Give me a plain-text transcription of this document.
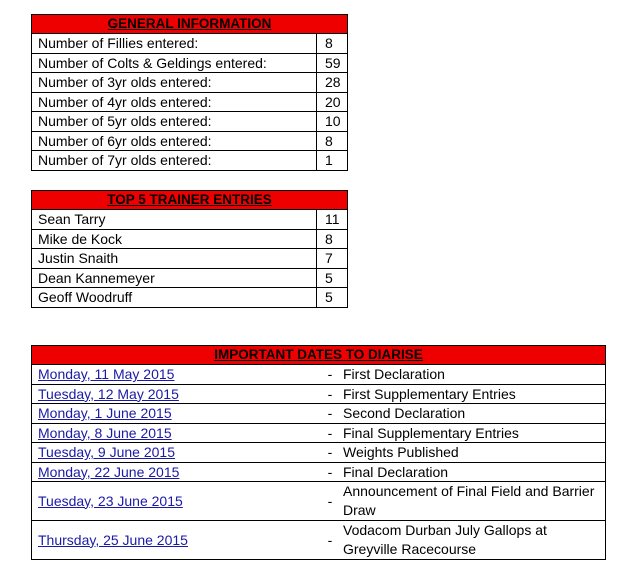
GENERAL INFORMATION	
Number of Fillies entered:	8
Number of Colts & Geldings entered:	59
Number of 3yr olds entered:	28
Number of 4yr olds entered:	20
Number of 5yr olds entered:	10
Number of 6yr olds entered:	8
Number of 7yr olds entered:	1
TOP 5 TRAINER ENTRIES	
Sean Tarry	11
Mike de Kock	8
Justin Snaith	7
Dean Kannemeyer	5
Geoff Woodruff	5
IMPORTANT DATES TO DIARISE		
Monday, 11 May 2015	-	First Declaration
Tuesday, 12 May 2015	-	First Supplementary Entries
Monday, 1 June 2015	-	Second Declaration
Monday, 8 June 2015	-	Final Supplementary Entries
Tuesday, 9 June 2015	-	Weights Published
Monday, 22 June 2015	-	Final Declaration
Tuesday, 23 June 2015	-	Announcement of Final Field and Barrier Draw
Thursday, 25 June 2015	-	Vodacom Durban July Gallops at Greyville Racecourse
